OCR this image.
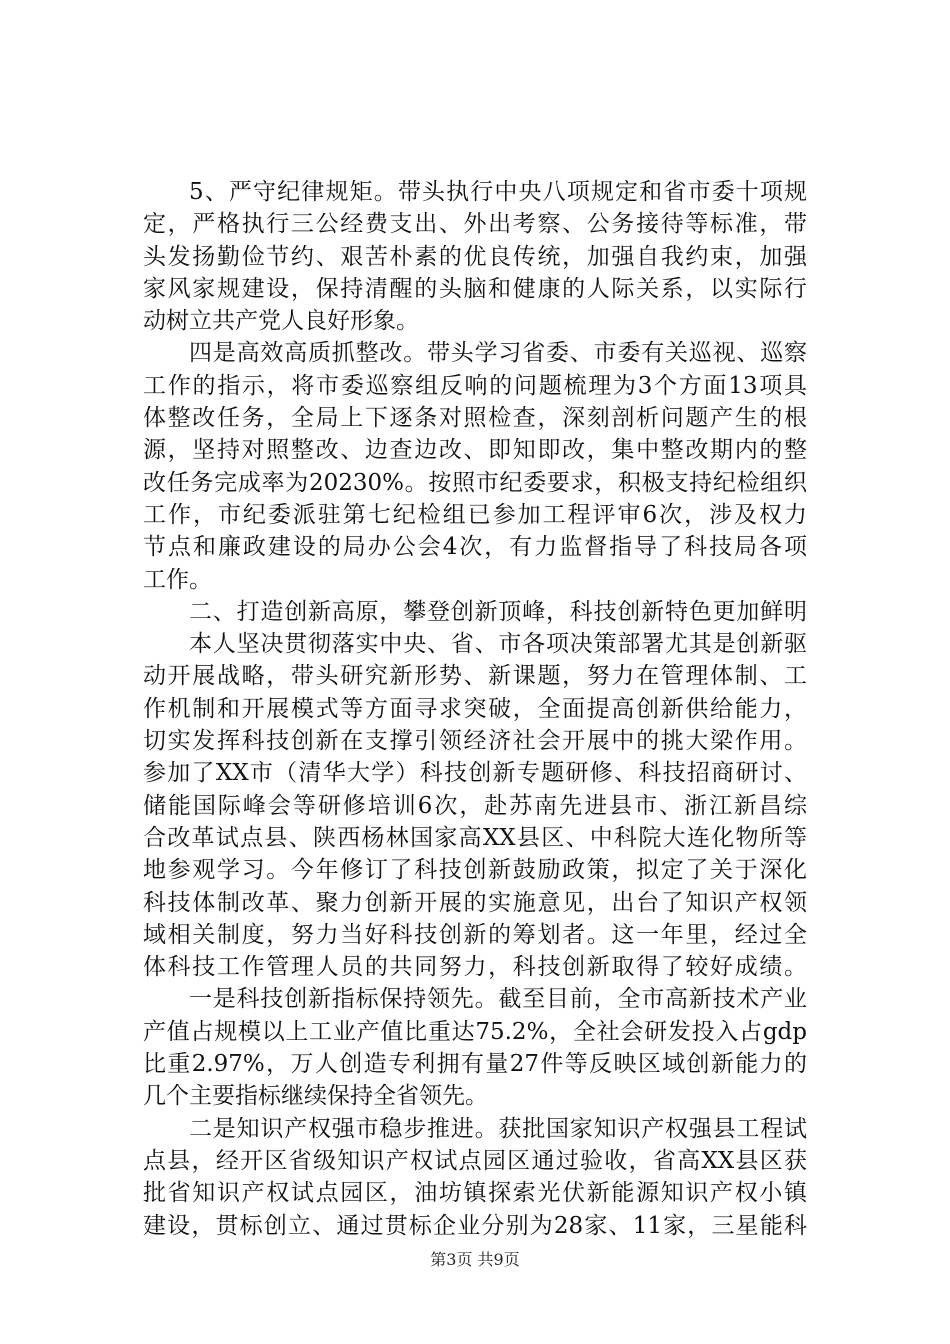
5、严守纪律规矩。带头执行中央八项规定和省市委十项规
定，严格执行三公经费支出、外出考察、公务接待等标准，带
头发扬勤俭节约、艰苦朴素的优良传统，加强自我约束，加强
家风家规建设，保持清醒的头脑和健康的人际关系，以实际行
动树立共产党人良好形象。
四是高效高质抓整改。带头学习省委、市委有关巡视、巡察
工作的指示，将市委巡察组反响的问题梳理为3个方面13项具
体整改任务，全局上下逐条对照检查，深刻剖析问题产生的根
源，坚持对照整改、边查边改、即知即改，集中整改期内的整
改任务完成率为20230%。按照市纪委要求，积极支持纪检组织
工作，市纪委派驻第七纪检组已参加工程评审6次，涉及权力
节点和廉政建设的局办公会4次，有力监督指导了科技局各项
工作。
二、打造创新高原，攀登创新顶峰，科技创新特色更加鲜明
本人坚决贯彻落实中央、省、市各项决策部署尤其是创新驱
动开展战略，带头研究新形势、新课题，努力在管理体制、工
作机制和开展模式等方面寻求突破，全面提高创新供给能力，
切实发挥科技创新在支撑引领经济社会开展中的挑大梁作用。
参加了XX市（清华大学）科技创新专题研修、科技招商研讨、
储能国际峰会等研修培训6次，赴苏南先进县市、浙江新昌综
合改革试点县、陕西杨林国家高XX县区、中科院大连化物所等
地参观学习。今年修订了科技创新鼓励政策，拟定了关于深化
科技体制改革、聚力创新开展的实施意见，出台了知识产权领
域相关制度，努力当好科技创新的筹划者。这一年里，经过全
体科技工作管理人员的共同努力，科技创新取得了较好成绩。
一是科技创新指标保持领先。截至目前，全市高新技术产业
产值占规模以上工业产值比重达75.2%，全社会研发投入占gdp
比重2.97%，万人创造专利拥有量27件等反映区域创新能力的
几个主要指标继续保持全省领先。
二是知识产权强市稳步推进。获批国家知识产权强县工程试
点县，经开区省级知识产权试点园区通过验收，省高XX县区获
批省知识产权试点园区，油坊镇探索光伏新能源知识产权小镇
建设，贯标创立、通过贯标企业分别为28家、11家，三星能科
第3页 共9页
